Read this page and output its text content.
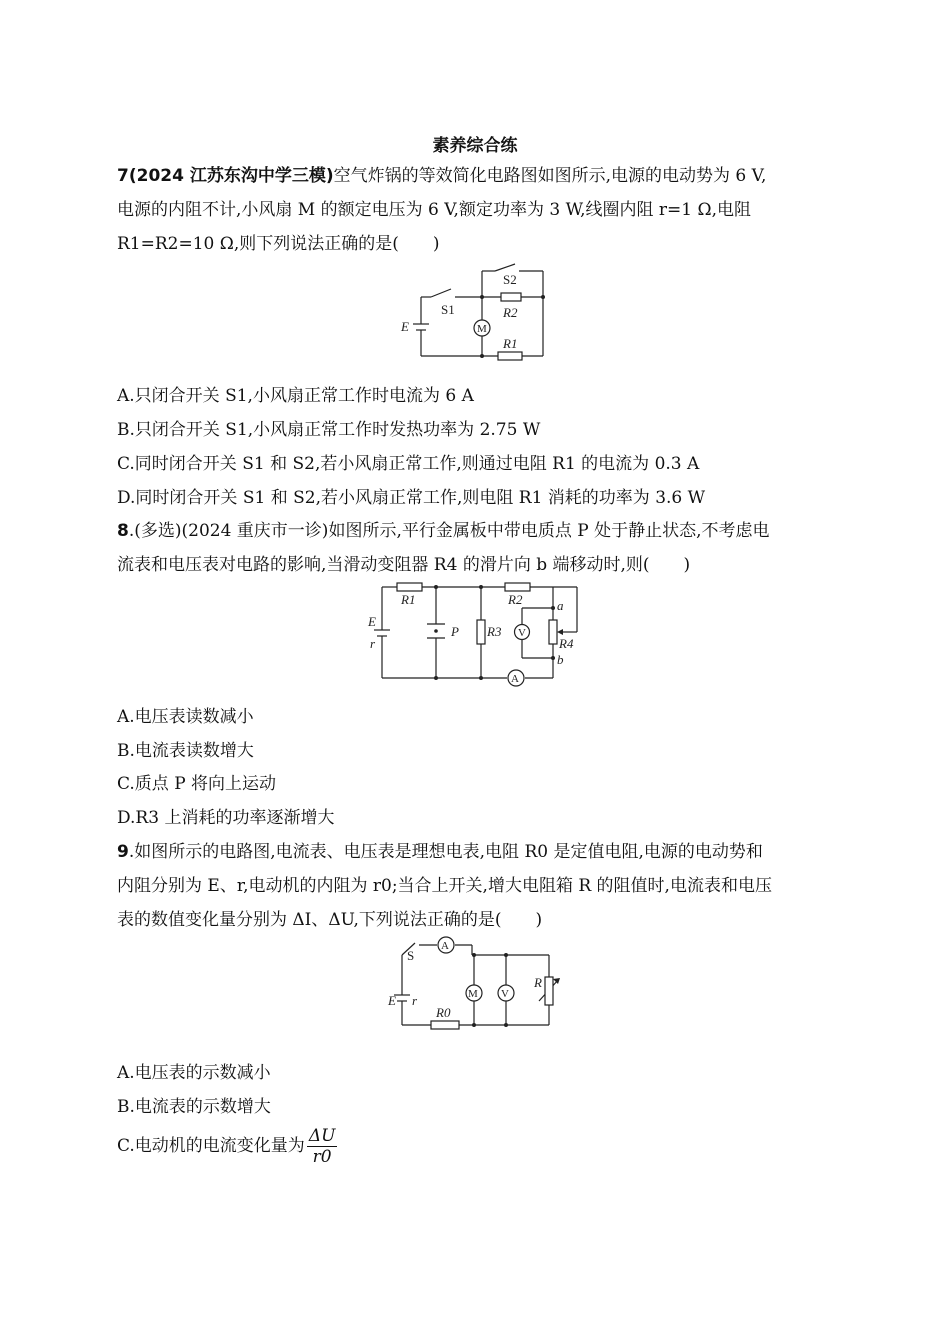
素养综合练
7(2024 江苏东沟中学三模)空气炸锅的等效简化电路图如图所示,电源的电动势为 6 V,
电源的内阻不计,小风扇 M 的额定电压为 6 V,额定功率为 3 W,线圈内阻 r=1 Ω,电阻
R1=R2=10 Ω,则下列说法正确的是(　　)
M
E
S1
S2
R2
R1
A.只闭合开关 S1,小风扇正常工作时电流为 6 A
B.只闭合开关 S1,小风扇正常工作时发热功率为 2.75 W
C.同时闭合开关 S1 和 S2,若小风扇正常工作,则通过电阻 R1 的电流为 0.3 A
D.同时闭合开关 S1 和 S2,若小风扇正常工作,则电阻 R1 消耗的功率为 3.6 W
8.(多选)(2024 重庆市一诊)如图所示,平行金属板中带电质点 P 处于静止状态,不考虑电
流表和电压表对电路的影响,当滑动变阻器 R4 的滑片向 b 端移动时,则(　　)
V
A
E
r
P
R1	R2
R3
R4
a
b
A.电压表读数减小
B.电流表读数增大
C.质点 P 将向上运动
D.R3 上消耗的功率逐渐增大
9.如图所示的电路图,电流表、电压表是理想电表,电阻 R0 是定值电阻,电源的电动势和
内阻分别为 E、r,电动机的内阻为 r0;当合上开关,增大电阻箱 R 的阻值时,电流表和电压
表的数值变化量分别为 ΔI、ΔU,下列说法正确的是(　　)
A
M V
S
E r
R
R0
A.电压表的示数减小
B.电流表的示数增大
C.电动机的电流变化量为 $\frac{\Delta U}{r0}$
